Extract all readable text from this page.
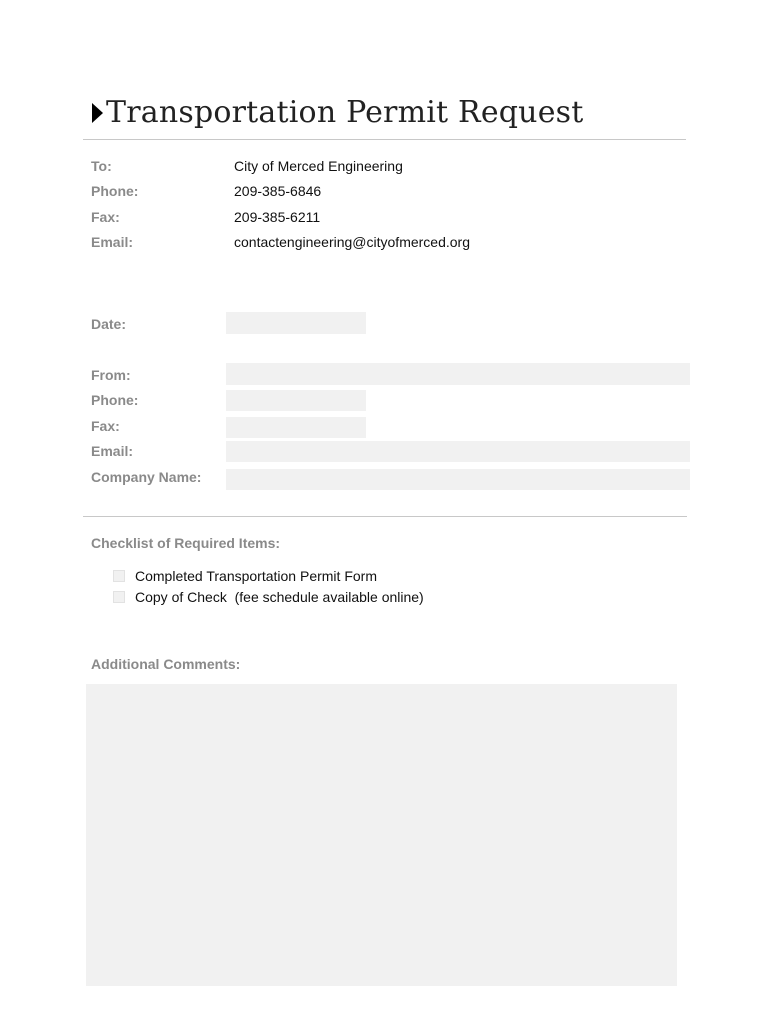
Transportation Permit Request
To:	City of Merced Engineering
Phone:	209-385-6846
Fax:	209-385-6211
Email:	contactengineering@cityofmerced.org
Date:
From:
Phone:
Fax:
Email:
Company Name:
Checklist of Required Items:
Completed Transportation Permit Form
Copy of Check  (fee schedule available online)
Additional Comments:
